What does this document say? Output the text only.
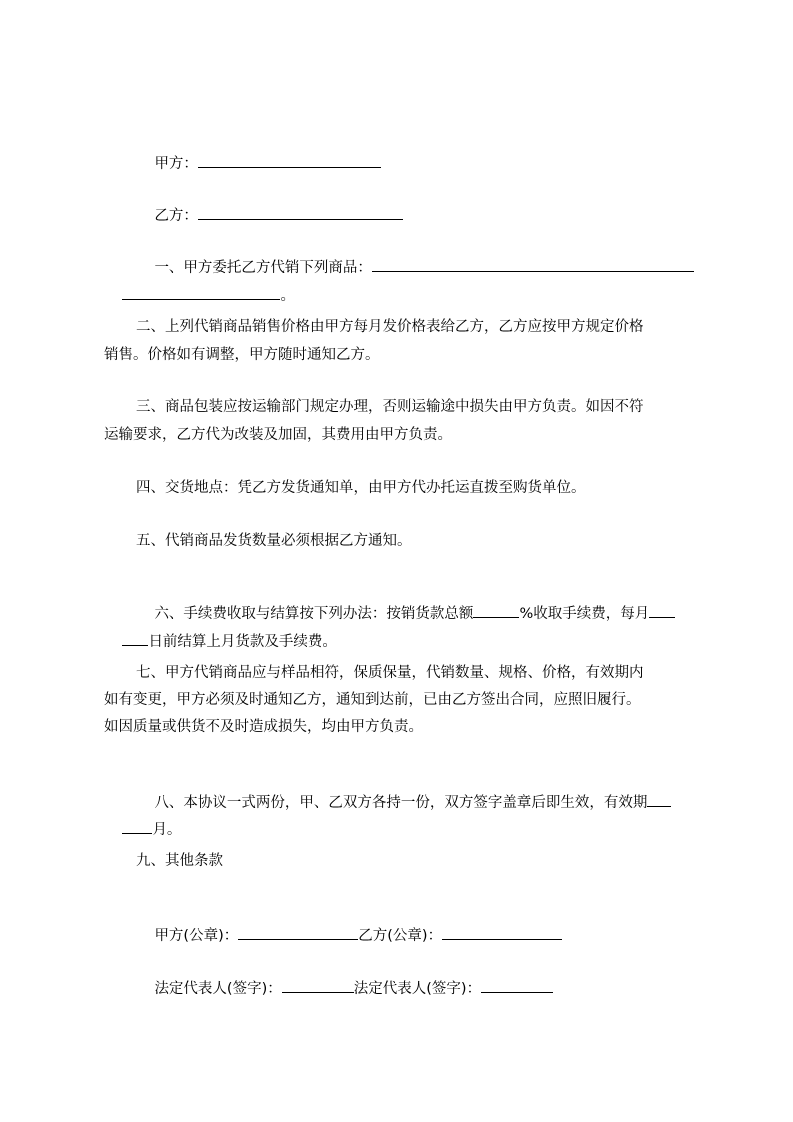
甲方：

乙方：

一、甲方委托乙方代销下列商品：

。

二、上列代销商品销售价格由甲方每月发价格表给乙方，乙方应按甲方规定价格
销售。价格如有调整，甲方随时通知乙方。
三、商品包装应按运输部门规定办理，否则运输途中损失由甲方负责。如因不符
运输要求，乙方代为改装及加固，其费用由甲方负责。
四、交货地点：凭乙方发货通知单，由甲方代办托运直拨至购货单位。
五、代销商品发货数量必须根据乙方通知。

六、手续费收取与结算按下列办法：按销货款总额	%收取手续费，每月

日前结算上月货款及手续费。

七、甲方代销商品应与样品相符，保质保量，代销数量、规格、价格，有效期内
如有变更，甲方必须及时通知乙方，通知到达前，已由乙方签出合同，应照旧履行。
如因质量或供货不及时造成损失，均由甲方负责。

八、本协议一式两份，甲、乙双方各持一份，双方签字盖章后即生效，有效期

月。

九、其他条款

甲方(公章)：	乙方(公章)：

法定代表人(签字)：	法定代表人(签字)：
